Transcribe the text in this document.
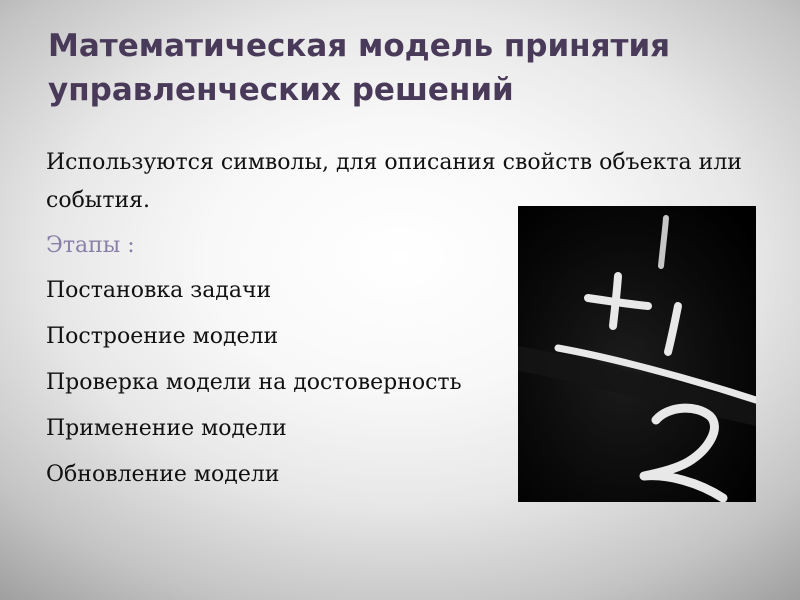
Математическая модель принятия управленческих решений

Используются символы, для описания свойств объекта или события.

Этапы :

Постановка задачи

Построение модели

Проверка модели на достоверность

Применение модели

Обновление модели
